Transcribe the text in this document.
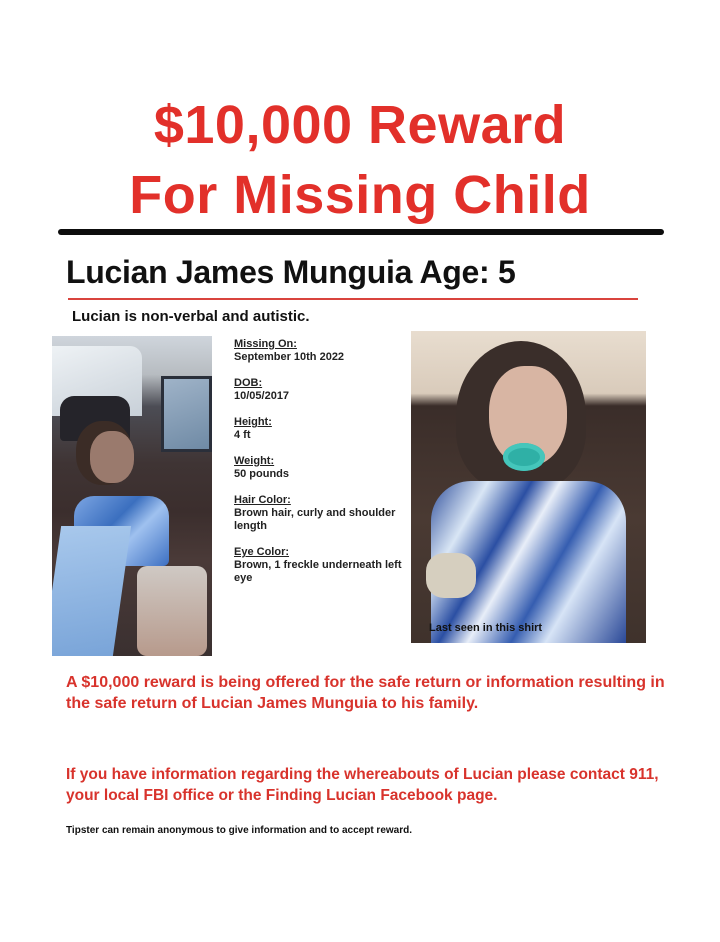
$10,000 Reward
For Missing Child
Lucian James Munguia Age: 5
Lucian is non-verbal and autistic.
Missing On:
September 10th 2022
DOB:
10/05/2017
Height:
4 ft
Weight:
50 pounds
Hair Color:
Brown hair, curly and shoulder length
Eye Color:
Brown, 1 freckle underneath left eye
Last seen in this shirt
A $10,000 reward is being offered for the safe return or information resulting in the safe return of Lucian James Munguia to his family.
If you have information regarding the whereabouts of Lucian please contact 911, your local FBI office or the Finding Lucian Facebook page.
Tipster can remain anonymous to give information and to accept reward.
